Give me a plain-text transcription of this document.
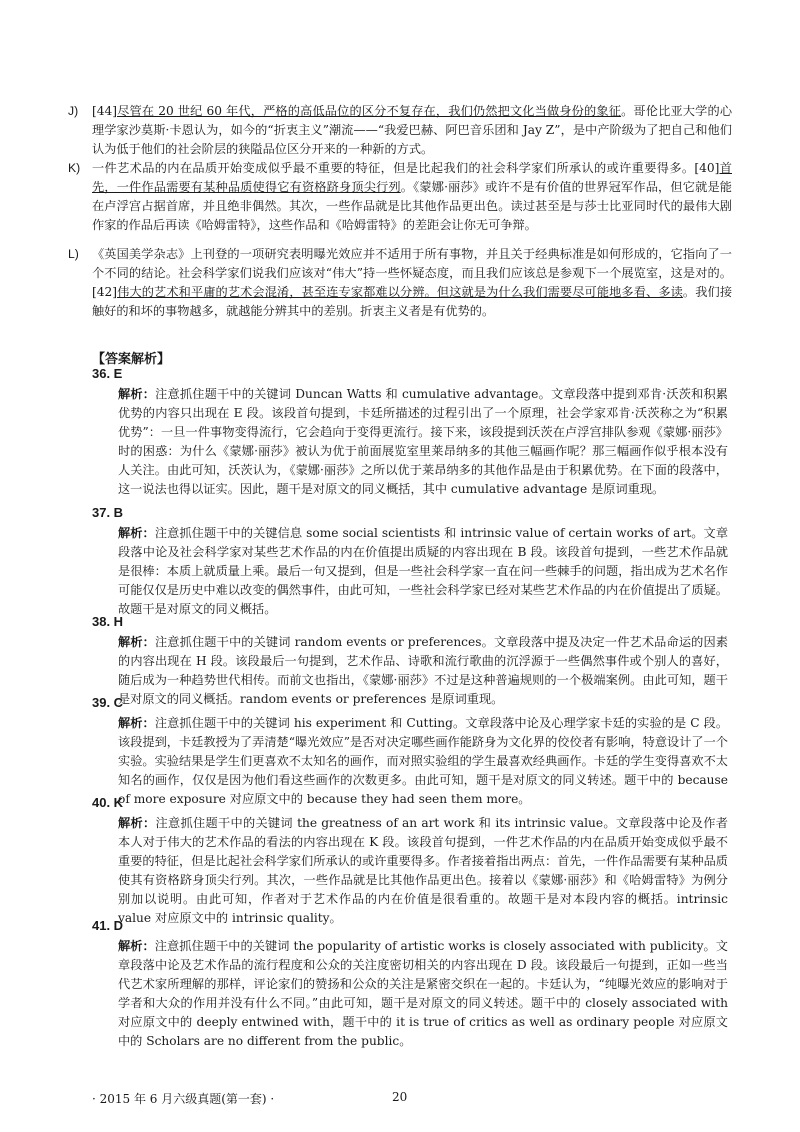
J) [44]尽管在 20 世纪 60 年代，严格的高低品位的区分不复存在，我们仍然把文化当做身份的象征。哥伦比亚大学的心理学家沙莫斯·卡恩认为，如今的“折衷主义”潮流——“我爱巴赫、阿巴音乐团和 Jay Z”，是中产阶级为了把自己和他们认为低于他们的社会阶层的狭隘品位区分开来的一种新的方式。
K) 一件艺术品的内在品质开始变成似乎最不重要的特征，但是比起我们的社会科学家们所承认的或许重要得多。[40]首先，一件作品需要有某种品质使得它有资格跻身顶尖行列。《蒙娜·丽莎》或许不是有价值的世界冠军作品，但它就是能在卢浮宫占据首席，并且绝非偶然。其次，一些作品就是比其他作品更出色。读过甚至是与莎士比亚同时代的最伟大剧作家的作品后再读《哈姆雷特》，这些作品和《哈姆雷特》的差距会让你无可争辩。
L) 《英国美学杂志》上刊登的一项研究表明曝光效应并不适用于所有事物，并且关于经典标准是如何形成的，它指向了一个不同的结论。社会科学家们说我们应该对“伟大”持一些怀疑态度，而且我们应该总是参观下一个展览室，这是对的。[42]伟大的艺术和平庸的艺术会混淆，甚至连专家都难以分辨。但这就是为什么我们需要尽可能地多看、多读。我们接触好的和坏的事物越多，就越能分辨其中的差别。折衷主义者是有优势的。
【答案解析】
36. E
解析：注意抓住题干中的关键词 Duncan Watts 和 cumulative advantage。文章段落中提到邓肯·沃茨和积累优势的内容只出现在 E 段。该段首句提到，卡廷所描述的过程引出了一个原理，社会学家邓肯·沃茨称之为“积累优势”：一旦一件事物变得流行，它会趋向于变得更流行。接下来，该段提到沃茨在卢浮宫排队参观《蒙娜·丽莎》时的困惑：为什么《蒙娜·丽莎》被认为优于前面展览室里莱昂纳多的其他三幅画作呢？那三幅画作似乎根本没有人关注。由此可知，沃茨认为，《蒙娜·丽莎》之所以优于莱昂纳多的其他作品是由于积累优势。在下面的段落中，这一说法也得以证实。因此，题干是对原文的同义概括，其中 cumulative advantage 是原词重现。
37. B
解析：注意抓住题干中的关键信息 some social scientists 和 intrinsic value of certain works of art。文章段落中论及社会科学家对某些艺术作品的内在价值提出质疑的内容出现在 B 段。该段首句提到，一些艺术作品就是很棒：本质上就质量上乘。最后一句又提到，但是一些社会科学家一直在问一些棘手的问题，指出成为艺术名作可能仅仅是历史中难以改变的偶然事件，由此可知，一些社会科学家已经对某些艺术作品的内在价值提出了质疑。故题干是对原文的同义概括。
38. H
解析：注意抓住题干中的关键词 random events or preferences。文章段落中提及决定一件艺术品命运的因素的内容出现在 H 段。该段最后一句提到，艺术作品、诗歌和流行歌曲的沉浮源于一些偶然事件或个别人的喜好，随后成为一种趋势世代相传。而前文也指出，《蒙娜·丽莎》不过是这种普遍规则的一个极端案例。由此可知，题干是对原文的同义概括。random events or preferences 是原词重现。
39. C
解析：注意抓住题干中的关键词 his experiment 和 Cutting。文章段落中论及心理学家卡廷的实验的是 C 段。该段提到，卡廷教授为了弄清楚“曝光效应”是否对决定哪些画作能跻身为文化界的佼佼者有影响，特意设计了一个实验。实验结果是学生们更喜欢不太知名的画作，而对照实验组的学生最喜欢经典画作。卡廷的学生变得喜欢不太知名的画作，仅仅是因为他们看这些画作的次数更多。由此可知，题干是对原文的同义转述。题干中的 because of more exposure 对应原文中的 because they had seen them more。
40. K
解析：注意抓住题干中的关键词 the greatness of an art work 和 its intrinsic value。文章段落中论及作者本人对于伟大的艺术作品的看法的内容出现在 K 段。该段首句提到，一件艺术作品的内在品质开始变成似乎最不重要的特征，但是比起社会科学家们所承认的或许重要得多。作者接着指出两点：首先，一件作品需要有某种品质使其有资格跻身顶尖行列。其次，一些作品就是比其他作品更出色。接着以《蒙娜·丽莎》和《哈姆雷特》为例分别加以说明。由此可知，作者对于艺术作品的内在价值是很看重的。故题干是对本段内容的概括。intrinsic value 对应原文中的 intrinsic quality。
41. D
解析：注意抓住题干中的关键词 the popularity of artistic works is closely associated with publicity。文章段落中论及艺术作品的流行程度和公众的关注度密切相关的内容出现在 D 段。该段最后一句提到，正如一些当代艺术家所理解的那样，评论家们的赞扬和公众的关注是紧密交织在一起的。卡廷认为，“纯曝光效应的影响对于学者和大众的作用并没有什么不同。”由此可知，题干是对原文的同义转述。题干中的 closely associated with 对应原文中的 deeply entwined with，题干中的 it is true of critics as well as ordinary people 对应原文中的 Scholars are no different from the public。
· 2015 年 6 月六级真题(第一套) ·	20
